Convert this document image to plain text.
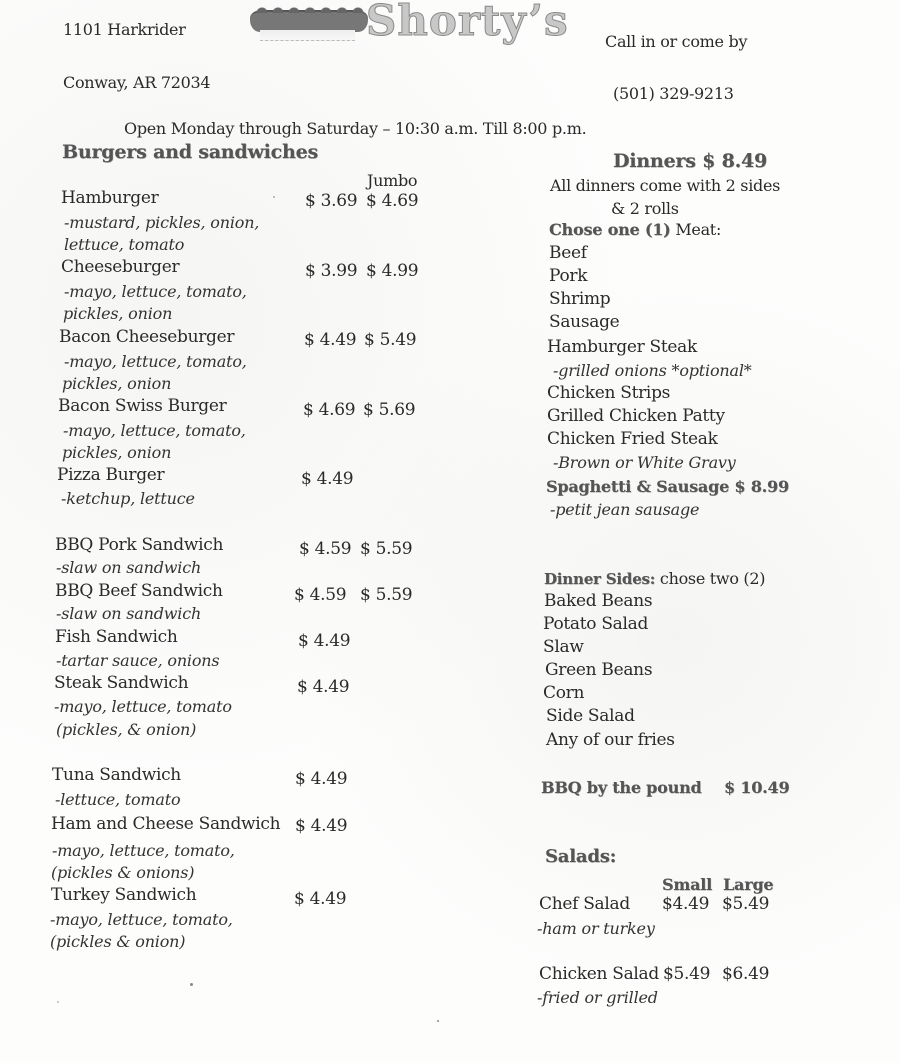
1101 Harkrider
Conway, AR 72034
Shorty’s Call in or come by
(501) 329-9213
Open Monday through Saturday – 10:30 a.m. Till 8:00 p.m.
Burgers and sandwiches
Jumbo
Hamburger	$ 3.69 $ 4.69
-mustard, pickles, onion,
lettuce, tomato
Cheeseburger	$ 3.99 $ 4.99
-mayo, lettuce, tomato,
pickles, onion
Bacon Cheeseburger	$ 4.49 $ 5.49
-mayo, lettuce, tomato,
pickles, onion
Bacon Swiss Burger	$ 4.69 $ 5.69
-mayo, lettuce, tomato,
pickles, onion
Pizza Burger	$ 4.49
-ketchup, lettuce
BBQ Pork Sandwich	$ 4.59 $ 5.59
-slaw on sandwich
BBQ Beef Sandwich	$ 4.59 $ 5.59
-slaw on sandwich
Fish Sandwich	$ 4.49
-tartar sauce, onions
Steak Sandwich	$ 4.49
-mayo, lettuce, tomato
(pickles, & onion)
Tuna Sandwich	$ 4.49
-lettuce, tomato
Ham and Cheese Sandwich $ 4.49
-mayo, lettuce, tomato,
(pickles & onions)
Turkey Sandwich	$ 4.49
-mayo, lettuce, tomato,
(pickles & onion)
Dinners $ 8.49
All dinners come with 2 sides
& 2 rolls
Chose one (1) Meat:
Beef
Pork
Shrimp
Sausage
Hamburger Steak
-grilled onions *optional*
Chicken Strips
Grilled Chicken Patty
Chicken Fried Steak
-Brown or White Gravy
Spaghetti & Sausage $ 8.99
-petit jean sausage
Dinner Sides: chose two (2)
Baked Beans
Potato Salad
Slaw
Green Beans
Corn
Side Salad
Any of our fries
BBQ by the pound $ 10.49
Salads:
Small Large
Chef Salad $4.49 $5.49
-ham or turkey
Chicken Salad $5.49 $6.49
-fried or grilled
